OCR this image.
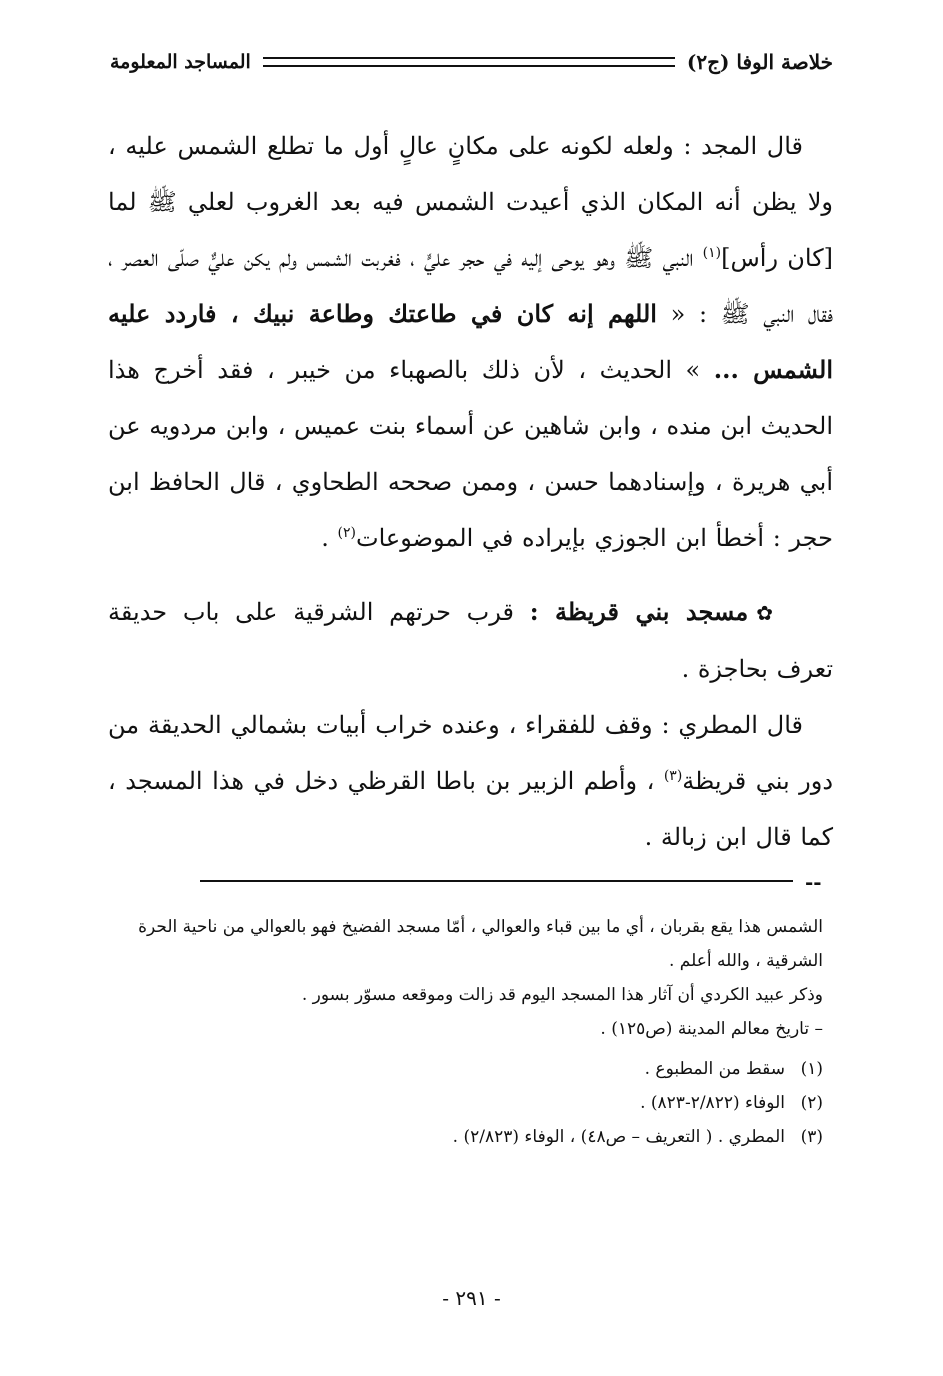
خلاصة الوفا (ج٢)
المساجد المعلومة

قال المجد : ولعله لكونه على مكانٍ عالٍ أول ما تطلع الشمس عليه ، ولا يظن أنه المكان الذي أعيدت الشمس فيه بعد الغروب لعلي ﷺ لما [كان رأس]$^{(١)}$ النبي ﷺ وهو يوحى إليه في حجر عليٍّ ، فغربت الشمس ولم يكن عليٌّ صلّى العصر ، فقال النبي ﷺ : « اللهم إنه كان في طاعتك وطاعة نبيك ، فاردد عليه الشمس ... » الحديث ، لأن ذلك بالصهباء من خيبر ، فقد أخرج هذا الحديث ابن منده ، وابن شاهين عن أسماء بنت عميس ، وابن مردويه عن أبي هريرة ، وإسنادهما حسن ، وممن صححه الطحاوي ، قال الحافظ ابن حجر : أخطأ ابن الجوزي بإيراده في الموضوعات$^{(٢)}$ .

✿مسجد بني قريظة : قرب حرتهم الشرقية على باب حديقة تعرف بحاجزة .

قال المطري : وقف للفقراء ، وعنده خراب أبيات بشمالي الحديقة من دور بني قريظة$^{(٣)}$ ، وأطم الزبير بن باطا القرظي دخل في هذا المسجد ، كما قال ابن زبالة .

--

الشمس هذا يقع بقربان ، أي ما بين قباء والعوالي ، أمّا مسجد الفضيخ فهو بالعوالي من ناحية الحرة الشرقية ، والله أعلم .

وذكر عبيد الكردي أن آثار هذا المسجد اليوم قد زالت وموقعه مسوّر بسور .

– تاريخ معالم المدينة (ص١٢٥) .

(١)سقط من المطبوع .

(٢)الوفاء (٢/٨٢٢-٨٢٣) .

(٣)المطري . ( التعريف – ص٤٨) ، الوفاء (٢/٨٢٣) .

- ٢٩١ -
